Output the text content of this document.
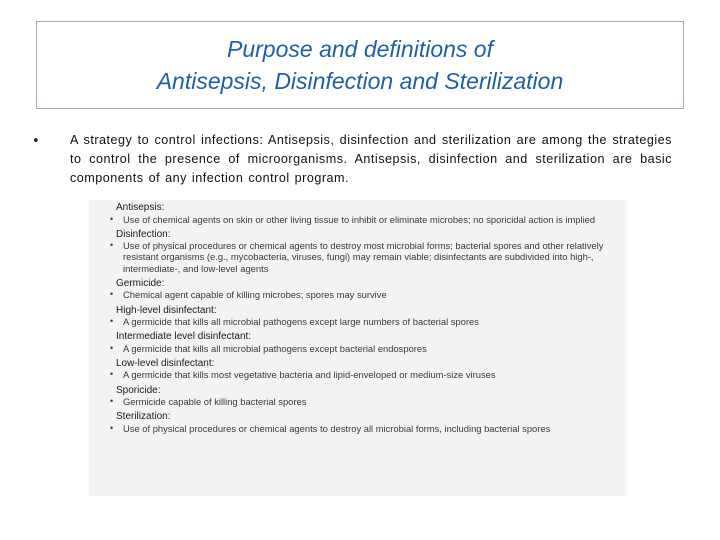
Purpose and definitions of
Antisepsis, Disinfection and Sterilization
• A strategy to control infections: Antisepsis, disinfection and sterilization are among the strategies to control the presence of microorganisms. Antisepsis, disinfection and sterilization are basic components of any infection control program.
Antisepsis:
• Use of chemical agents on skin or other living tissue to inhibit or eliminate microbes; no sporicidal action is implied
Disinfection:
• Use of physical procedures or chemical agents to destroy most microbial forms; bacterial spores and other relatively resistant organisms (e.g., mycobacteria, viruses, fungi) may remain viable; disinfectants are subdivided into high-, intermediate-, and low-level agents
Germicide:
• Chemical agent capable of killing microbes; spores may survive
High-level disinfectant:
• A germicide that kills all microbial pathogens except large numbers of bacterial spores
Intermediate level disinfectant:
• A germicide that kills all microbial pathogens except bacterial endospores
Low-level disinfectant:
• A germicide that kills most vegetative bacteria and lipid-enveloped or medium-size viruses
Sporicide:
• Germicide capable of killing bacterial spores
Sterilization:
• Use of physical procedures or chemical agents to destroy all microbial forms, including bacterial spores
